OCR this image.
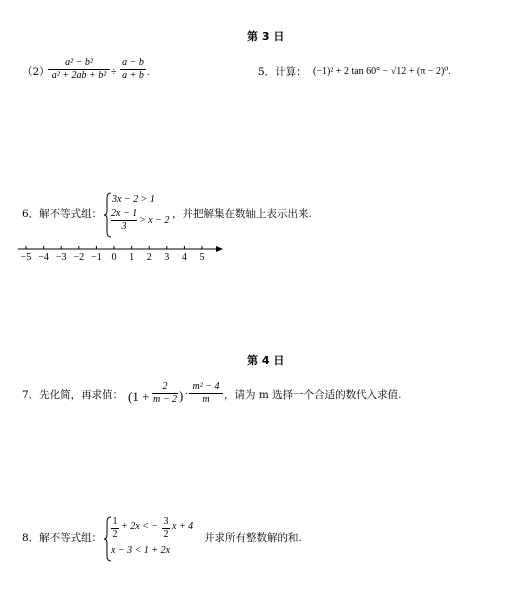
第 3 日
（2）
a² − b²
a² + 2ab + b² ÷
a − b
a + b .	5．计算： (−1)² + 2 tan 60° − √12 + (π − 2)⁰.
6．解不等式组：
3x − 2 > 1
2x − 1
3
> x − 2
，并把解集在数轴上表示出来.
−5 −4 −3 −2 −1 0 1 2 3 4 5
第 4 日
7．先化简，再求值： (1 +
2
m − 2 ) ·
m² − 4
m	，请为 m 选择一个合适的数代入求值.
8．解不等式组：
1
2
+ 2x < − 3
2
x + 4
x − 3 < 1 + 2x
并求所有整数解的和.
